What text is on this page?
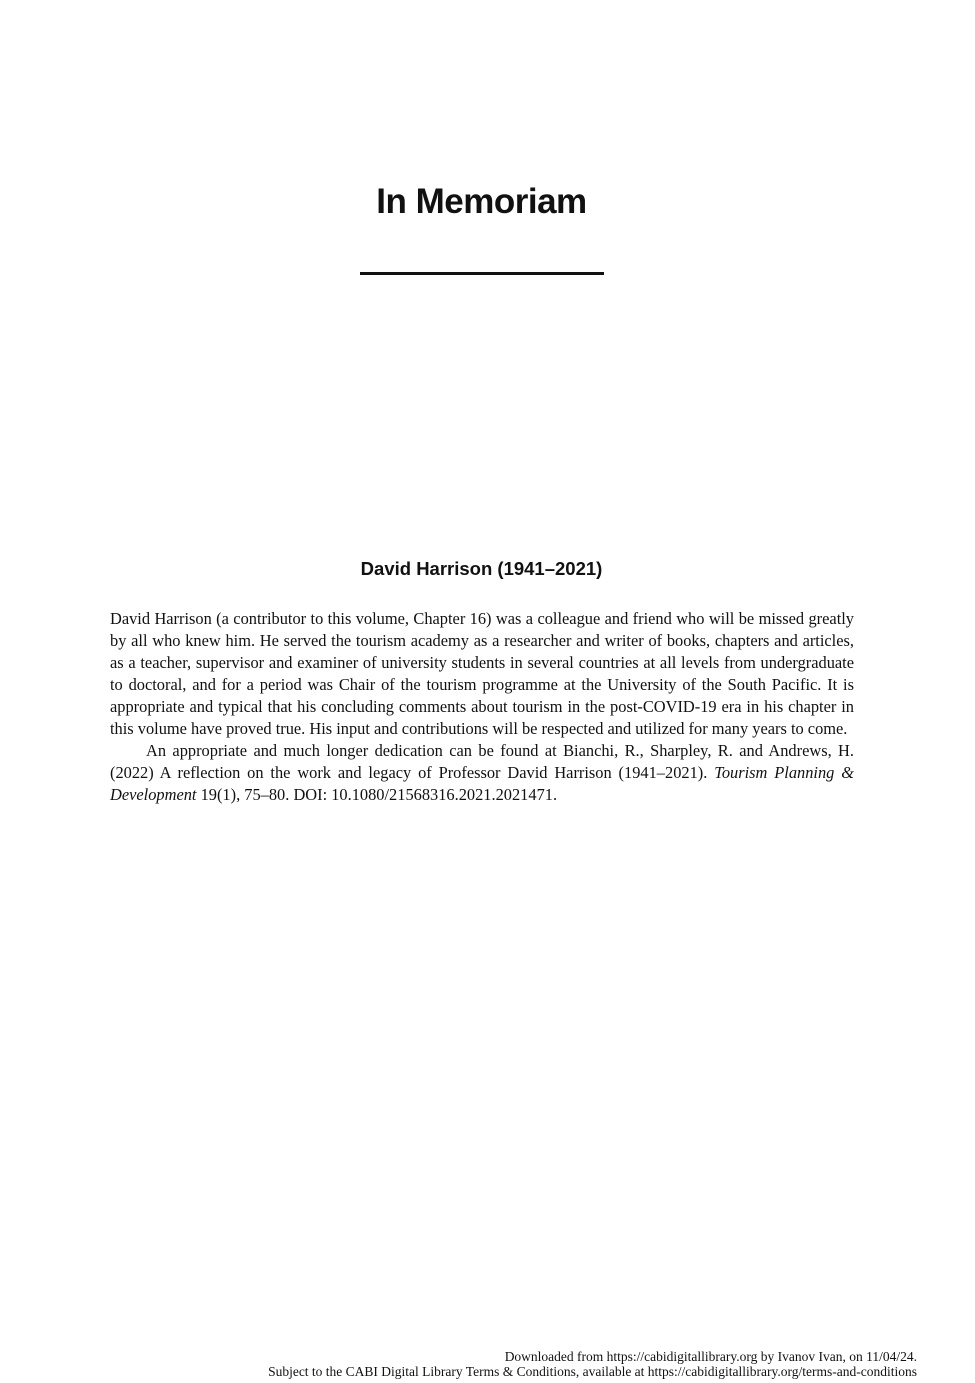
In Memoriam
David Harrison (1941–2021)

David Harrison (a contributor to this volume, Chapter 16) was a colleague and friend who will be missed greatly by all who knew him. He served the tourism academy as a researcher and writer of books, chapters and articles, as a teacher, supervisor and examiner of university students in several countries at all levels from undergraduate to doctoral, and for a period was Chair of the tourism programme at the University of the South Pacific. It is appropriate and typical that his concluding comments about tourism in the post-COVID-19 era in his chapter in this volume have proved true. His input and contributions will be respected and utilized for many years to come.

An appropriate and much longer dedication can be found at Bianchi, R., Sharpley, R. and Andrews, H. (2022) A reflection on the work and legacy of Professor David Harrison (1941–2021). Tourism Planning & Development 19(1), 75–80. DOI: 10.1080/21568316.2021.2021471.

Downloaded from https://cabidigitallibrary.org by Ivanov Ivan, on 11/04/24.
Subject to the CABI Digital Library Terms & Conditions, available at https://cabidigitallibrary.org/terms-and-conditions
